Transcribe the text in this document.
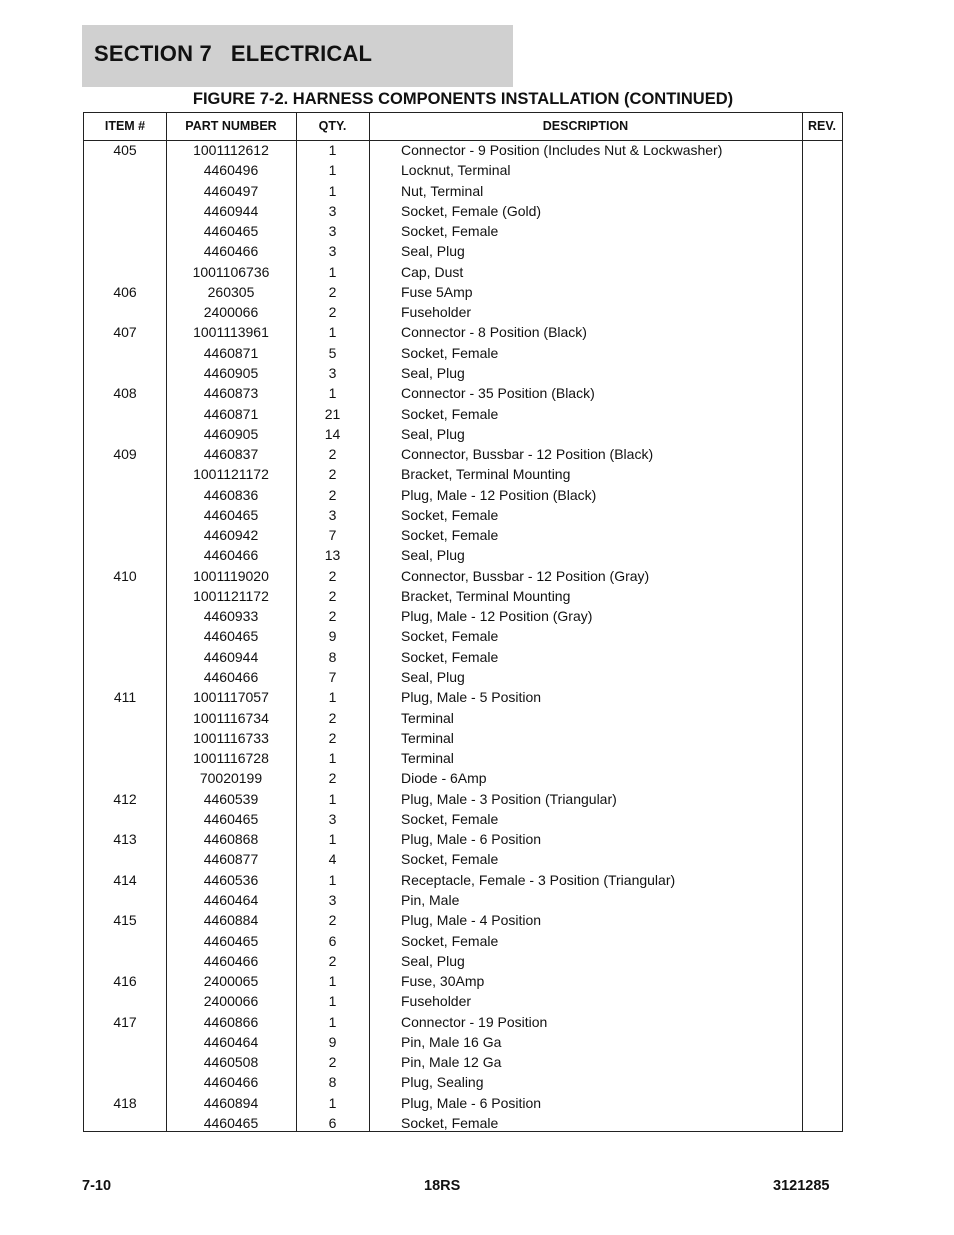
SECTION 7   ELECTRICAL
FIGURE 7-2. HARNESS COMPONENTS INSTALLATION (CONTINUED)
ITEM #	PART NUMBER	QTY.	DESCRIPTION	REV.
405	1001112612	1	Connector - 9 Position (Includes Nut & Lockwasher)
4460496	1	Locknut, Terminal
4460497	1	Nut, Terminal
4460944	3	Socket, Female (Gold)
4460465	3	Socket, Female
4460466	3	Seal, Plug
1001106736	1	Cap, Dust
406	260305	2	Fuse 5Amp
2400066	2	Fuseholder
407	1001113961	1	Connector - 8 Position (Black)
4460871	5	Socket, Female
4460905	3	Seal, Plug
408	4460873	1	Connector - 35 Position (Black)
4460871	21	Socket, Female
4460905	14	Seal, Plug
409	4460837	2	Connector, Bussbar - 12 Position (Black)
1001121172	2	Bracket, Terminal Mounting
4460836	2	Plug, Male - 12 Position (Black)
4460465	3	Socket, Female
4460942	7	Socket, Female
4460466	13	Seal, Plug
410	1001119020	2	Connector, Bussbar - 12 Position (Gray)
1001121172	2	Bracket, Terminal Mounting
4460933	2	Plug, Male - 12 Position (Gray)
4460465	9	Socket, Female
4460944	8	Socket, Female
4460466	7	Seal, Plug
411	1001117057	1	Plug, Male - 5 Position
1001116734	2	Terminal
1001116733	2	Terminal
1001116728	1	Terminal
70020199	2	Diode - 6Amp
412	4460539	1	Plug, Male - 3 Position (Triangular)
4460465	3	Socket, Female
413	4460868	1	Plug, Male - 6 Position
4460877	4	Socket, Female
414	4460536	1	Receptacle, Female - 3 Position (Triangular)
4460464	3	Pin, Male
415	4460884	2	Plug, Male - 4 Position
4460465	6	Socket, Female
4460466	2	Seal, Plug
416	2400065	1	Fuse, 30Amp
2400066	1	Fuseholder
417	4460866	1	Connector - 19 Position
4460464	9	Pin, Male 16 Ga
4460508	2	Pin, Male 12 Ga
4460466	8	Plug, Sealing
418	4460894	1	Plug, Male - 6 Position
4460465	6	Socket, Female
7-10	18RS	3121285
